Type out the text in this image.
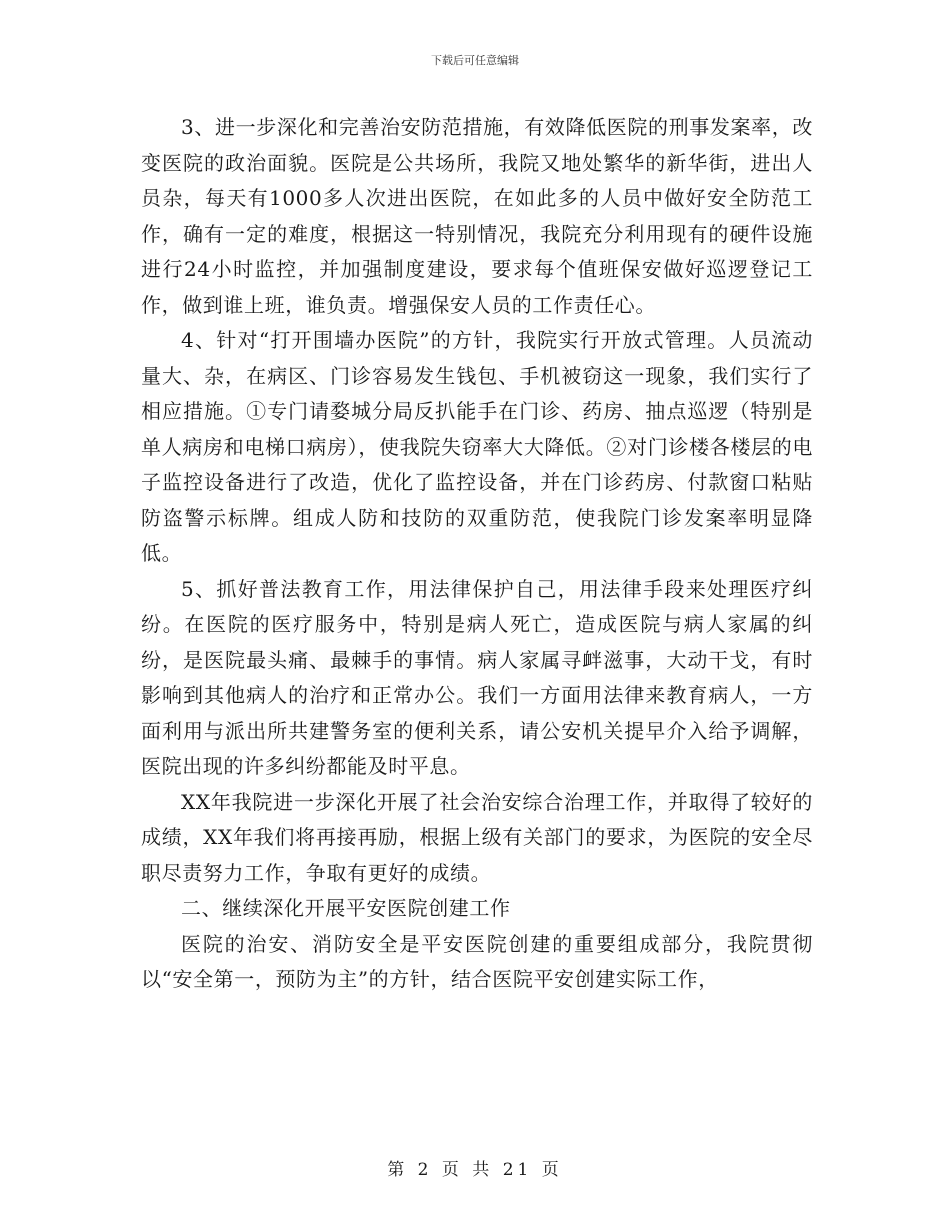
下载后可任意编辑

3、进一步深化和完善治安防范措施，有效降低医院的刑事发案率，改变医院的政治面貌。医院是公共场所，我院又地处繁华的新华街，进出人员杂，每天有1000多人次进出医院，在如此多的人员中做好安全防范工作，确有一定的难度，根据这一特别情况，我院充分利用现有的硬件设施进行24小时监控，并加强制度建设，要求每个值班保安做好巡逻登记工作，做到谁上班，谁负责。增强保安人员的工作责任心。

4、针对“打开围墙办医院”的方针，我院实行开放式管理。人员流动量大、杂，在病区、门诊容易发生钱包、手机被窃这一现象，我们实行了相应措施。①专门请婺城分局反扒能手在门诊、药房、抽点巡逻（特别是单人病房和电梯口病房），使我院失窃率大大降低。②对门诊楼各楼层的电子监控设备进行了改造，优化了监控设备，并在门诊药房、付款窗口粘贴防盗警示标牌。组成人防和技防的双重防范，使我院门诊发案率明显降低。

5、抓好普法教育工作，用法律保护自己，用法律手段来处理医疗纠纷。在医院的医疗服务中，特别是病人死亡，造成医院与病人家属的纠纷，是医院最头痛、最棘手的事情。病人家属寻衅滋事，大动干戈，有时影响到其他病人的治疗和正常办公。我们一方面用法律来教育病人，一方面利用与派出所共建警务室的便利关系，请公安机关提早介入给予调解，医院出现的许多纠纷都能及时平息。

XX年我院进一步深化开展了社会治安综合治理工作，并取得了较好的成绩，XX年我们将再接再励，根据上级有关部门的要求，为医院的安全尽职尽责努力工作，争取有更好的成绩。

二、继续深化开展平安医院创建工作

医院的治安、消防安全是平安医院创建的重要组成部分，我院贯彻以“安全第一，预防为主”的方针，结合医院平安创建实际工作，

第 2 页 共 21 页
